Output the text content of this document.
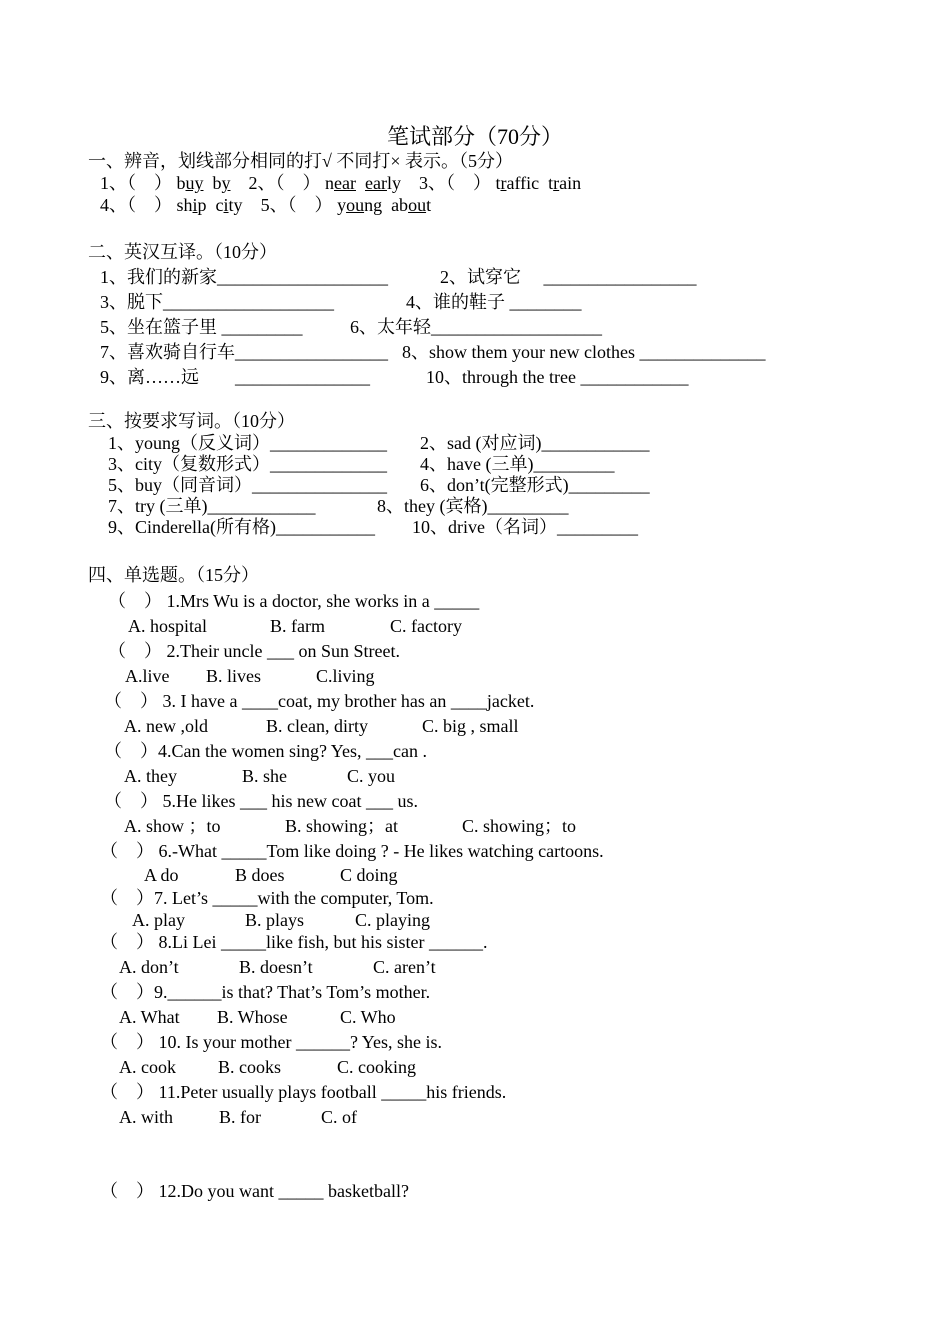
笔试部分（70分）
一、辨音，划线部分相同的打√ 不同打× 表示。（5分）
1、（　） buy by 2、（　） near early 3、（　） traffic train
4、（　） ship city 5、（　） young about
二、英汉互译。（10分）
1、我们的新家___________________	2、试穿它　 _________________
3、脱下___________________	4、谁的鞋子 ________
5、坐在篮子里 _________	6、太年轻___________________
7、喜欢骑自行车_________________ 8、show them your new clothes ______________
9、离……远　　_______________	10、through the tree ____________
三、按要求写词。（10分）
1、young（反义词）_____________ 2、sad (对应词)____________
3、city（复数形式）_____________ 4、have (三单)_________
5、buy（同音词）_______________ 6、don’t(完整形式)_________
7、try (三单)____________	8、they (宾格)_________
9、Cinderella(所有格)___________ 10、drive（名词）_________
四、单选题。（15分）
（　） 1.Mrs Wu is a doctor, she works in a _____
A. hospital	B. farm	C. factory
（　） 2.Their uncle ___ on Sun Street.
A.live B. lives	C.living
（　） 3. I have a ____coat, my brother has an ____jacket.
A. new ,old	B. clean, dirty	C. big , small
（　）4.Can the women sing? Yes, ___can .
A. they	B. she	C. you
（　） 5.He likes ___ his new coat ___ us.
A. show ；to	B. showing；at	C. showing；to
（　） 6.-What _____Tom like doing ? - He likes watching cartoons.
A do	B does	C doing
（　）7. Let’s _____with the computer, Tom.
A. play	B. plays	C. playing
（　） 8.Li Lei _____like fish, but his sister ______.
A. don’t	B. doesn’t	C. aren’t
（　）9.______is that? That’s Tom’s mother.
A. What B. Whose	C. Who
（　） 10. Is your mother ______? Yes, she is.
A. cook B. cooks	C. cooking
（　） 11.Peter usually plays football _____his friends.
A. with	B. for	C. of
（　） 12.Do you want _____ basketball?
